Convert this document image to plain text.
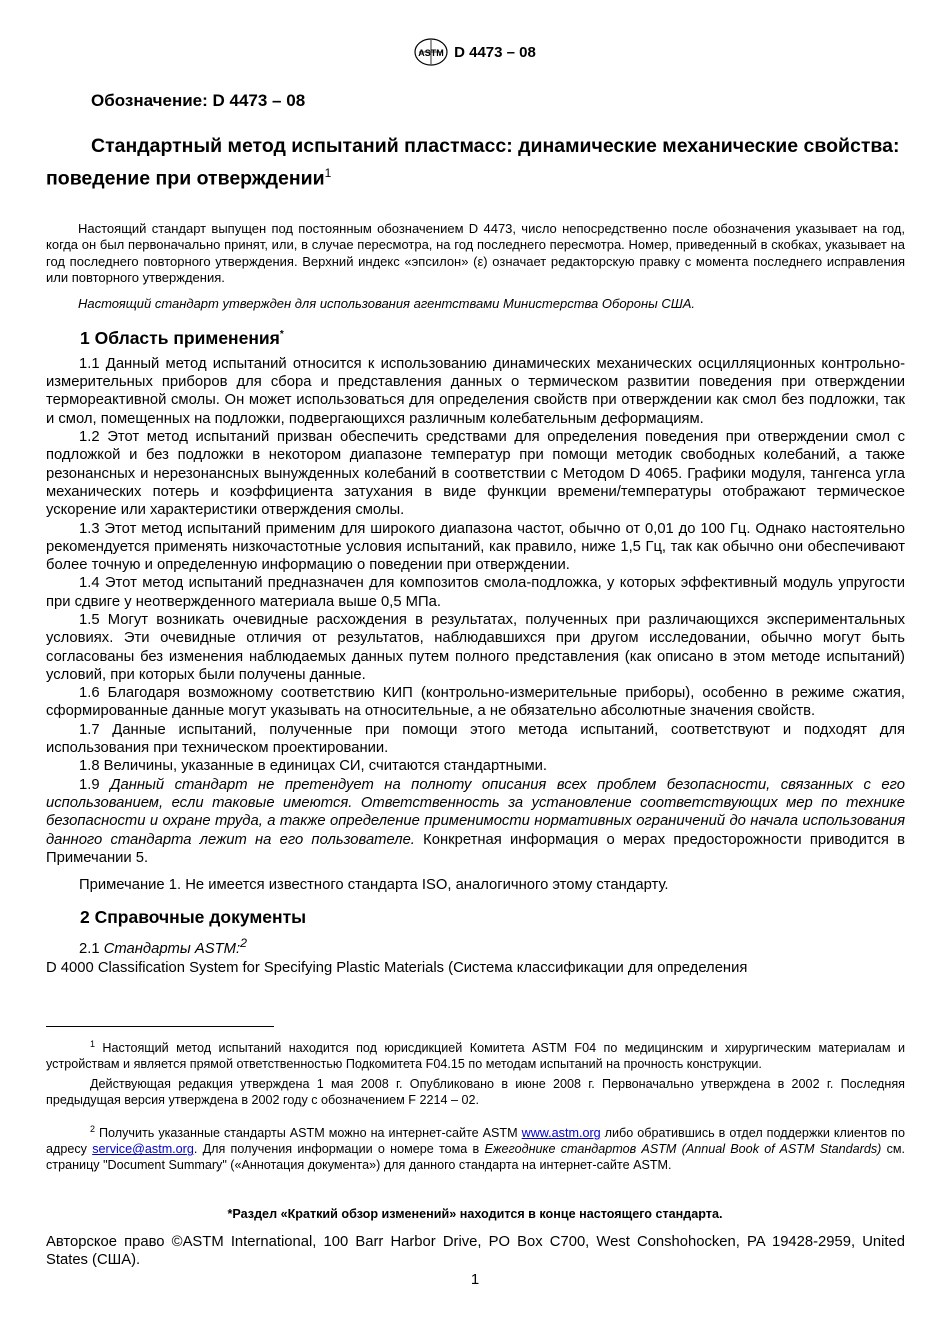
ASTM D 4473 – 08
Обозначение: D 4473 – 08
Стандартный метод испытаний пластмасс: динамические механические свойства: поведение при отверждении$^1$

Настоящий стандарт выпущен под постоянным обозначением D 4473, число непосредственно после обозначения указывает на год, когда он был первоначально принят, или, в случае пересмотра, на год последнего пересмотра. Номер, приведенный в скобках, указывает на год последнего повторного утверждения. Верхний индекс «эпсилон» (ε) означает редакторскую правку с момента последнего исправления или повторного утверждения.

Настоящий стандарт утвержден для использования агентствами Министерства Обороны США.

1 Область применения*

1.1 Данный метод испытаний относится к использованию динамических механических осцилляционных контрольно-измерительных приборов для сбора и представления данных о термическом развитии поведения при отверждении термореактивной смолы. Он может использоваться для определения свойств при отверждении как смол без подложки, так и смол, помещенных на подложки, подвергающихся различным колебательным деформациям.

1.2 Этот метод испытаний призван обеспечить средствами для определения поведения при отверждении смол с подложкой и без подложки в некотором диапазоне температур при помощи методик свободных колебаний, а также резонансных и нерезонансных вынужденных колебаний в соответствии с Методом D 4065. Графики модуля, тангенса угла механических потерь и коэффициента затухания в виде функции времени/температуры отображают термическое ускорение или характеристики отверждения смолы.

1.3 Этот метод испытаний применим для широкого диапазона частот, обычно от 0,01 до 100 Гц. Однако настоятельно рекомендуется применять низкочастотные условия испытаний, как правило, ниже 1,5 Гц, так как обычно они обеспечивают более точную и определенную информацию о поведении при отверждении.

1.4 Этот метод испытаний предназначен для композитов смола-подложка, у которых эффективный модуль упругости при сдвиге у неотвержденного материала выше 0,5 МПа.

1.5 Могут возникать очевидные расхождения в результатах, полученных при различающихся экспериментальных условиях. Эти очевидные отличия от результатов, наблюдавшихся при другом исследовании, обычно могут быть согласованы без изменения наблюдаемых данных путем полного представления (как описано в этом методе испытаний) условий, при которых были получены данные.

1.6 Благодаря возможному соответствию КИП (контрольно-измерительные приборы), особенно в режиме сжатия, сформированные данные могут указывать на относительные, а не обязательно абсолютные значения свойств.

1.7 Данные испытаний, полученные при помощи этого метода испытаний, соответствуют и подходят для использования при техническом проектировании.

1.8 Величины, указанные в единицах СИ, считаются стандартными.

1.9 Данный стандарт не претендует на полноту описания всех проблем безопасности, связанных с его использованием, если таковые имеются. Ответственность за установление соответствующих мер по технике безопасности и охране труда, а также определение применимости нормативных ограничений до начала использования данного стандарта лежит на его пользователе. Конкретная информация о мерах предосторожности приводится в Примечании 5.

Примечание 1. Не имеется известного стандарта ISO, аналогичного этому стандарту.

2 Справочные документы

2.1 Стандарты ASTM:$^2$

D 4000 Classification System for Specifying Plastic Materials (Система классификации для определения

$^1$ Настоящий метод испытаний находится под юрисдикцией Комитета ASTM F04 по медицинским и хирургическим материалам и устройствам и является прямой ответственностью Подкомитета F04.15 по методам испытаний на прочность конструкции.

Действующая редакция утверждена 1 мая 2008 г. Опубликовано в июне 2008 г. Первоначально утверждена в 2002 г. Последняя предыдущая версия утверждена в 2002 году с обозначением F 2214 – 02.

$^2$ Получить указанные стандарты ASTM можно на интернет-сайте ASTM www.astm.org либо обратившись в отдел поддержки клиентов по адресу service@astm.org. Для получения информации о номере тома в Ежегоднике стандартов ASTM (Annual Book of ASTM Standards) см. страницу "Document Summary" («Аннотация документа») для данного стандарта на интернет-сайте ASTM.

*Раздел «Краткий обзор изменений» находится в конце настоящего стандарта.
Авторское право ©ASTM International, 100 Barr Harbor Drive, PO Box C700, West Conshohocken, PA 19428-2959, United States (США).
1
